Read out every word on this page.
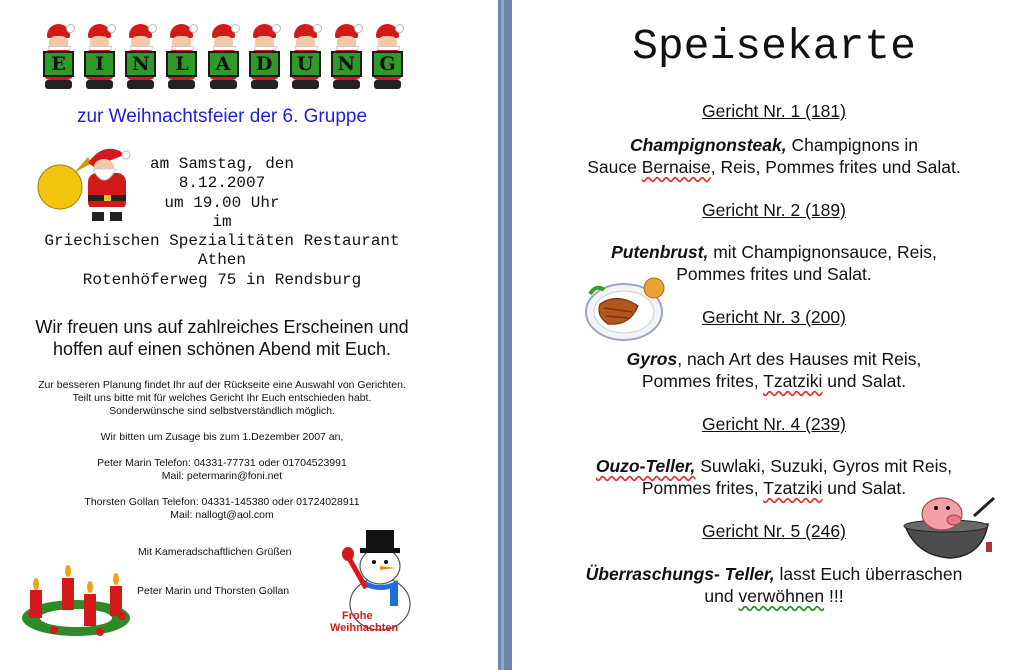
E	I	N	L	A	D	U	N	G
zur Weihnachtsfeier der 6. Gruppe
am Samstag, den
8.12.2007
um 19.00 Uhr
im
Griechischen Spezialitäten Restaurant
Athen
Rotenhöferweg 75 in Rendsburg
Wir freuen uns auf zahlreiches Erscheinen und
hoffen auf einen schönen Abend mit Euch.
Zur besseren Planung findet Ihr auf der Rückseite eine Auswahl von Gerichten.
Teilt uns bitte mit für welches Gericht Ihr Euch entschieden habt.
Sonderwünsche sind selbstverständlich möglich.
Wir bitten um Zusage bis zum 1.Dezember 2007 an,
Peter Marin Telefon: 04331-77731 oder 01704523991
Mail: petermarin@foni.net
Thorsten Gollan Telefon: 04331-145380 oder 01724028911
Mail: nallogt@aol.com
Mit Kameradschaftlichen Grüßen
Peter Marin und Thorsten Gollan
Frohe
Weihnachten
Speisekarte
Gericht Nr. 1 (181)
Champignonsteak, Champignons in
Sauce Bernaise, Reis, Pommes frites und Salat.
Gericht Nr. 2 (189)
Putenbrust, mit Champignonsauce, Reis,
Pommes frites und Salat.
Gericht Nr. 3 (200)
Gyros, nach Art des Hauses mit Reis,
Pommes frites, Tzatziki und Salat.
Gericht Nr. 4 (239)
Ouzo-Teller, Suwlaki, Suzuki, Gyros mit Reis,
Pommes frites, Tzatziki und Salat.
Gericht Nr. 5 (246)
Überraschungs- Teller, lasst Euch überraschen
und verwöhnen !!!
